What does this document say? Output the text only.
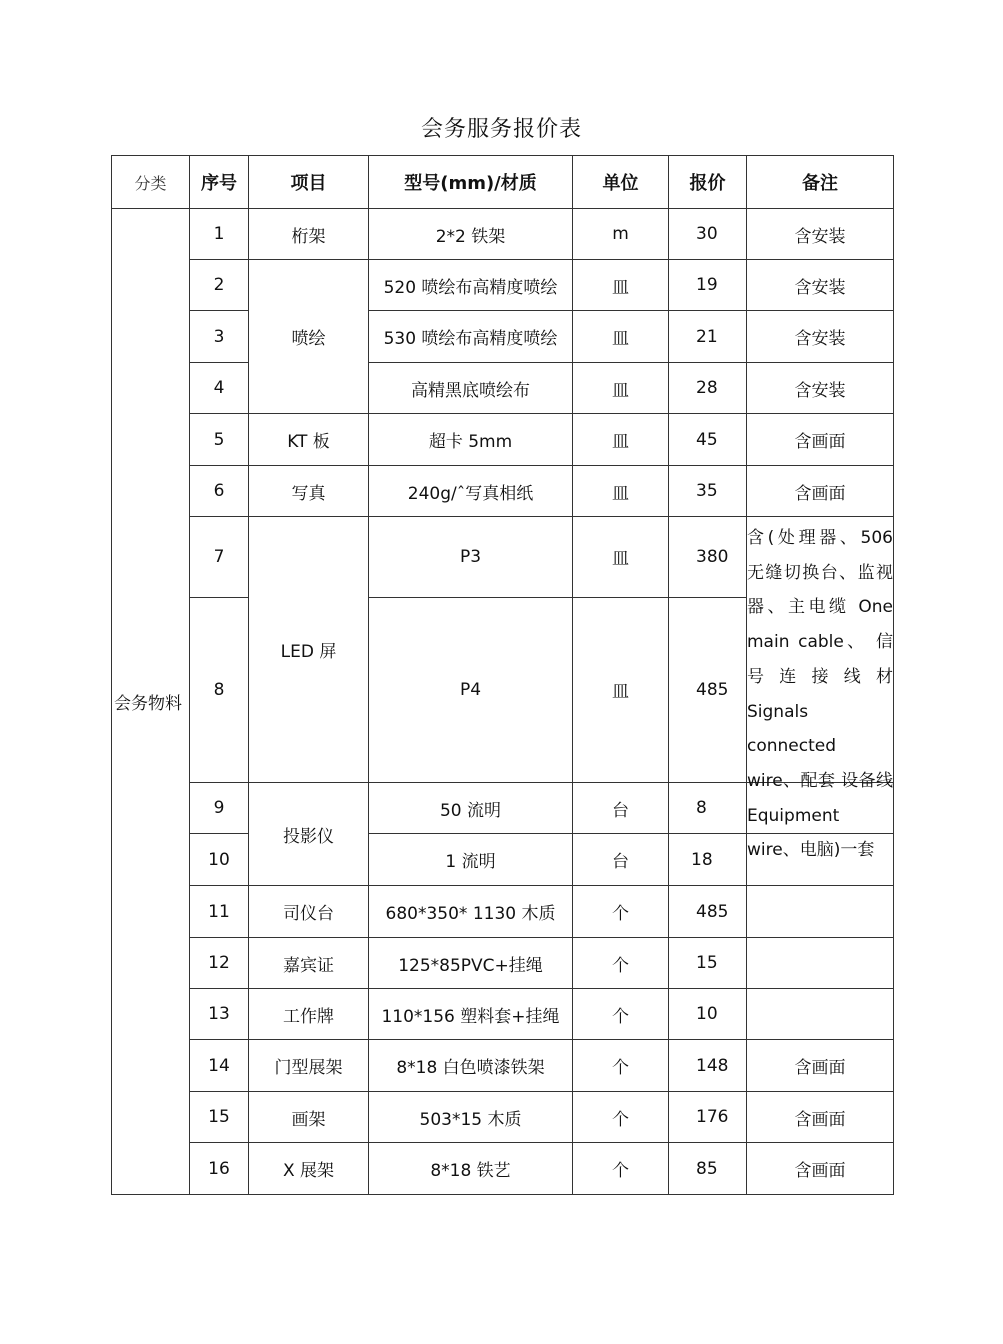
会务服务报价表
分类	序号	项目	型号(mm)/材质	单位	报价	备注
会务物料	1	桁架	2*2 铁架	m	30	含安装
	2	喷绘	520 喷绘布高精度喷绘	皿	19	含安装
	3		530 喷绘布高精度喷绘	皿	21	含安装
	4		高精黑底喷绘布	皿	28	含安装
	5	KT 板	超卡 5mm	皿	45	含画面
	6	写真	240g/ˆ写真相纸	皿	35	含画面
	7	LED 屏	P3	皿	380	含(处理器、506 无缝切换台、监视器、主电缆 One main cable、 信号连接线材 Signals connected wire、配套 设备线 Equipment wire、电脑)一套

	8		P4	皿	485	
	9	投影仪	50 流明	台	8	
	10		1 流明	台	18	
	11	司仪台	680*350* 1130 木质	个	485	
	12	嘉宾证	125*85PVC+挂绳	个	15	
	13	工作牌	110*156 塑料套+挂绳	个	10	
	14	门型展架	8*18 白色喷漆铁架	个	148	含画面
	15	画架	503*15 木质	个	176	含画面
	16	X 展架	8*18 铁艺	个	85	含画面
